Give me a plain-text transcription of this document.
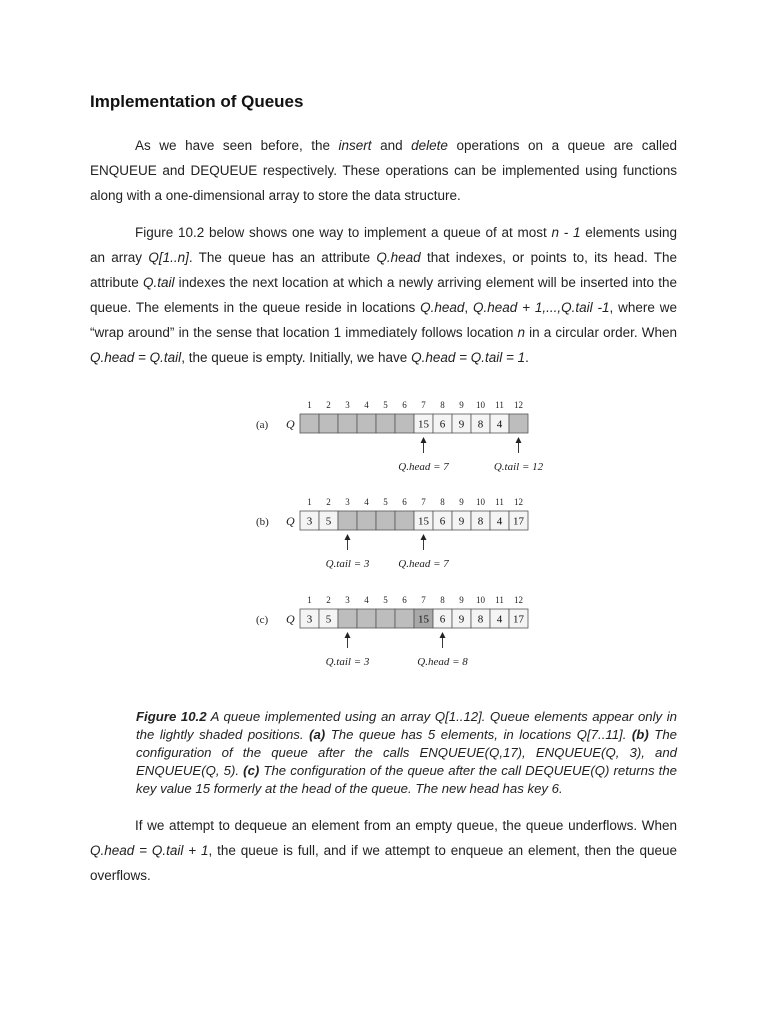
Implementation of Queues

As we have seen before, the insert and delete operations on a queue are called ENQUEUE and DEQUEUE respectively. These operations can be implemented using functions along with a one-dimensional array to store the data structure.

Figure 10.2 below shows one way to implement a queue of at most n - 1 elements using an array Q[1..n]. The queue has an attribute Q.head that indexes, or points to, its head. The attribute Q.tail indexes the next location at which a newly arriving element will be inserted into the queue. The elements in the queue reside in locations Q.head, Q.head + 1,...,Q.tail -1, where we “wrap around” in the sense that location 1 immediately follows location n in a circular order. When Q.head = Q.tail, the queue is empty. Initially, we have Q.head = Q.tail = 1.

1 2 3 4 5 6 7 8 9 10 11 12
(a) Q	15 6 9 8 4
Q.head = 7	Q.tail = 12
1 2 3 4 5 6 7 8 9 10 11 12
(b) Q 3 5	15 6 9 8 4 17
Q.tail = 3	Q.head = 7
1 2 3 4 5 6 7 8 9 10 11 12
(c) Q 3 5	15 6 9 8 4 17
Q.tail = 3	Q.head = 8

Figure 10.2 A queue implemented using an array Q[1..12]. Queue elements appear only in the lightly shaded positions. (a) The queue has 5 elements, in locations Q[7..11]. (b) The configuration of the queue after the calls ENQUEUE(Q,17), ENQUEUE(Q, 3), and ENQUEUE(Q, 5). (c) The configuration of the queue after the call DEQUEUE(Q) returns the key value 15 formerly at the head of the queue. The new head has key 6.

If we attempt to dequeue an element from an empty queue, the queue underflows. When Q.head = Q.tail + 1, the queue is full, and if we attempt to enqueue an element, then the queue overflows.
